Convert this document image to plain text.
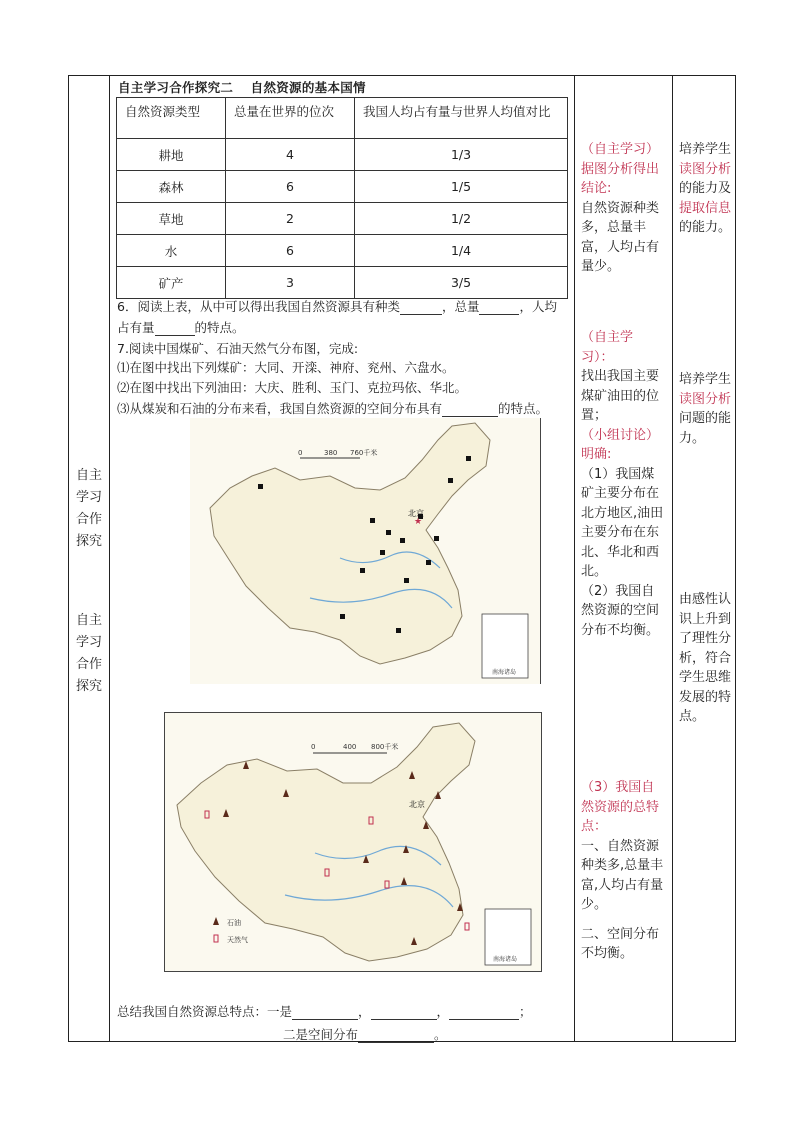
自主学习合作探究
自主学习合作探究
自主学习合作探究二　 自然资源的基本国情
自然资源类型	总量在世界的位次	我国人均占有量与世界人均值对比
耕地	4	1/3
森林	6	1/5
草地	2	1/2
水	6	1/4
矿产	3	3/5
6．阅读上表，从中可以得出我国自然资源具有种类	，总量	，人均
占有量	的特点。
7.阅读中国煤矿、石油天然气分布图，完成:
⑴在图中找出下列煤矿：大同、开滦、神府、兖州、六盘水。
⑵在图中找出下列油田：大庆、胜利、玉门、克拉玛依、华北。
⑶从煤炭和石油的分布来看，我国自然资源的空间分布具有	的特点。
0	380 760千米
北京
★
南海诸岛
0	400 800千米
北京
石油
天然气
南海诸岛
总结我国自然资源总特点：一是	，	，	；
二是空间分布	。
（自主学习）
据图分析得出结论:
自然资源种类多，总量丰富，人均占有量少。
（自主学习）：
找出我国主要煤矿油田的位置；
（小组讨论）
明确:
（1）我国煤矿主要分布在北方地区,油田主要分布在东北、华北和西北。
（2）我国自然资源的空间分布不均衡。
（3）我国自然资源的总特点：
一、自然资源种类多,总量丰富,人均占有量少。
二、空间分布不均衡。
培养学生读图分析的能力及提取信息的能力。
培养学生读图分析问题的能力。
由感性认识上升到了理性分析，符合学生思维发展的特点。
